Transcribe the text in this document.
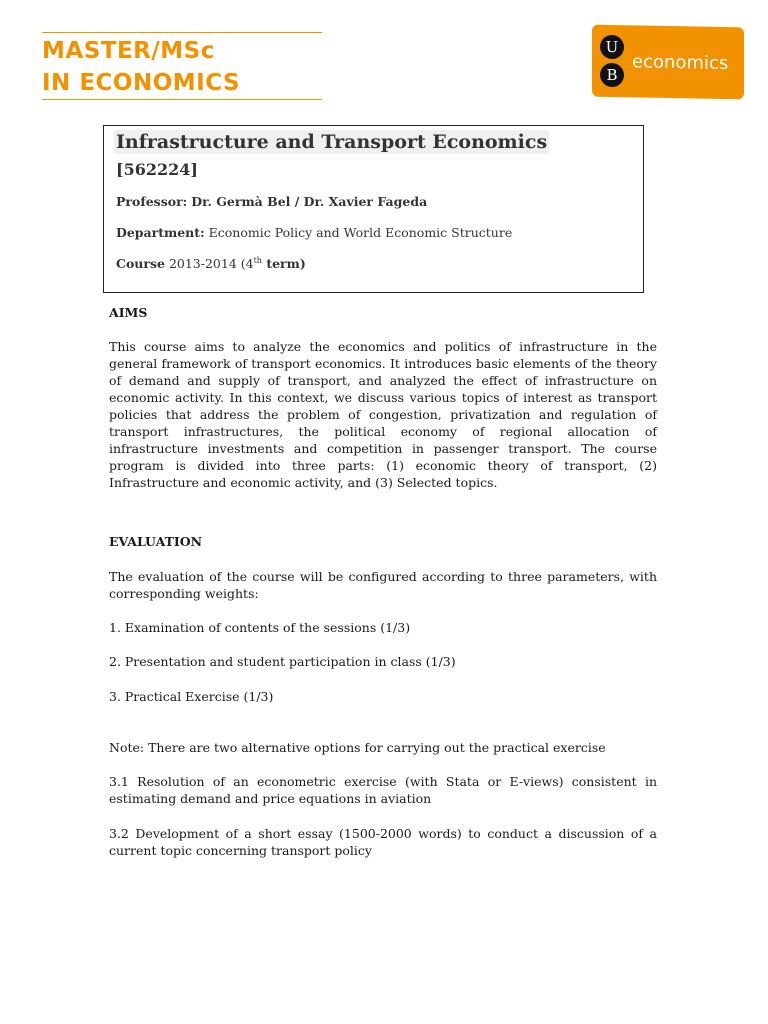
MASTER/MSc
IN ECONOMICS
U
B
economics
Infrastructure and Transport Economics
[562224]
Professor: Dr. Germà Bel / Dr. Xavier Fageda
Department: Economic Policy and World Economic Structure
Course 2013-2014 (4th term)
AIMS
This course aims to analyze the economics and politics of infrastructure in the general framework of transport economics. It introduces basic elements of the theory of demand and supply of transport, and analyzed the effect of infrastructure on economic activity. In this context, we discuss various topics of interest as transport policies that address the problem of congestion, privatization and regulation of transport infrastructures, the political economy of regional allocation of infrastructure investments and competition in passenger transport. The course program is divided into three parts: (1) economic theory of transport, (2) Infrastructure and economic activity, and (3) Selected topics.
EVALUATION
The evaluation of the course will be configured according to three parameters, with corresponding weights:
1. Examination of contents of the sessions (1/3)
2. Presentation and student participation in class (1/3)
3. Practical Exercise (1/3)
Note: There are two alternative options for carrying out the practical exercise
3.1 Resolution of an econometric exercise (with Stata or E-views) consistent in estimating demand and price equations in aviation
3.2 Development of a short essay (1500-2000 words) to conduct a discussion of a current topic concerning transport policy
